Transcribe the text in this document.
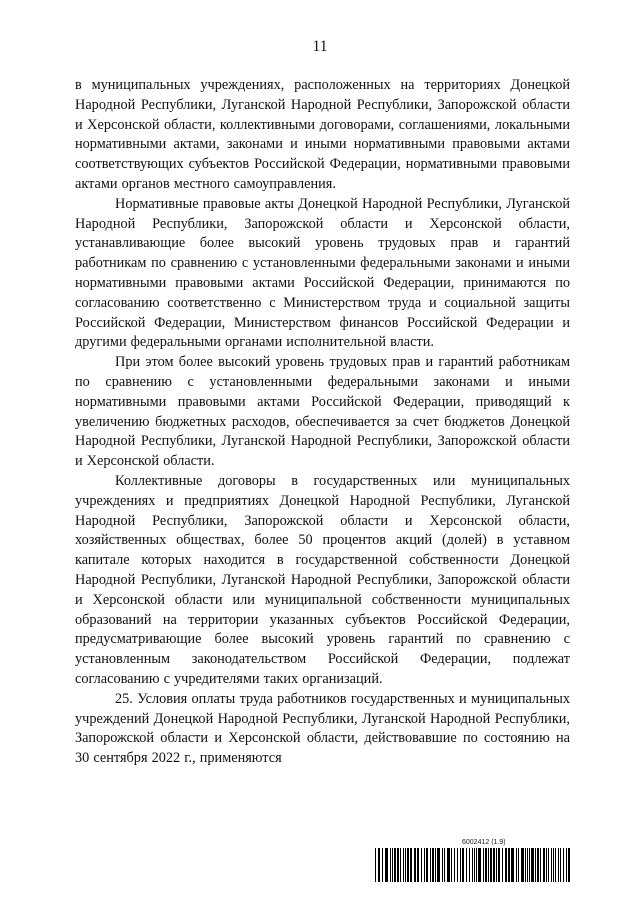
11

в муниципальных учреждениях, расположенных на территориях Донецкой Народной Республики, Луганской Народной Республики, Запорожской области и Херсонской области, коллективными договорами, соглашениями, локальными нормативными актами, законами и иными нормативными правовыми актами соответствующих субъектов Российской Федерации, нормативными правовыми актами органов местного самоуправления.

Нормативные правовые акты Донецкой Народной Республики, Луганской Народной Республики, Запорожской области и Херсонской области, устанавливающие более высокий уровень трудовых прав и гарантий работникам по сравнению с установленными федеральными законами и иными нормативными правовыми актами Российской Федерации, принимаются по согласованию соответственно с Министерством труда и социальной защиты Российской Федерации, Министерством финансов Российской Федерации и другими федеральными органами исполнительной власти.

При этом более высокий уровень трудовых прав и гарантий работникам по сравнению с установленными федеральными законами и иными нормативными правовыми актами Российской Федерации, приводящий к увеличению бюджетных расходов, обеспечивается за счет бюджетов Донецкой Народной Республики, Луганской Народной Республики, Запорожской области и Херсонской области.

Коллективные договоры в государственных или муниципальных учреждениях и предприятиях Донецкой Народной Республики, Луганской Народной Республики, Запорожской области и Херсонской области, хозяйственных обществах, более 50 процентов акций (долей) в уставном капитале которых находится в государственной собственности Донецкой Народной Республики, Луганской Народной Республики, Запорожской области и Херсонской области или муниципальной собственности муниципальных образований на территории указанных субъектов Российской Федерации, предусматривающие более высокий уровень гарантий по сравнению с установленным законодательством Российской Федерации, подлежат согласованию с учредителями таких организаций.

25. Условия оплаты труда работников государственных и муниципальных учреждений Донецкой Народной Республики, Луганской Народной Республики, Запорожской области и Херсонской области, действовавшие по состоянию на 30 сентября 2022 г., применяются

6002412 (1.9)
